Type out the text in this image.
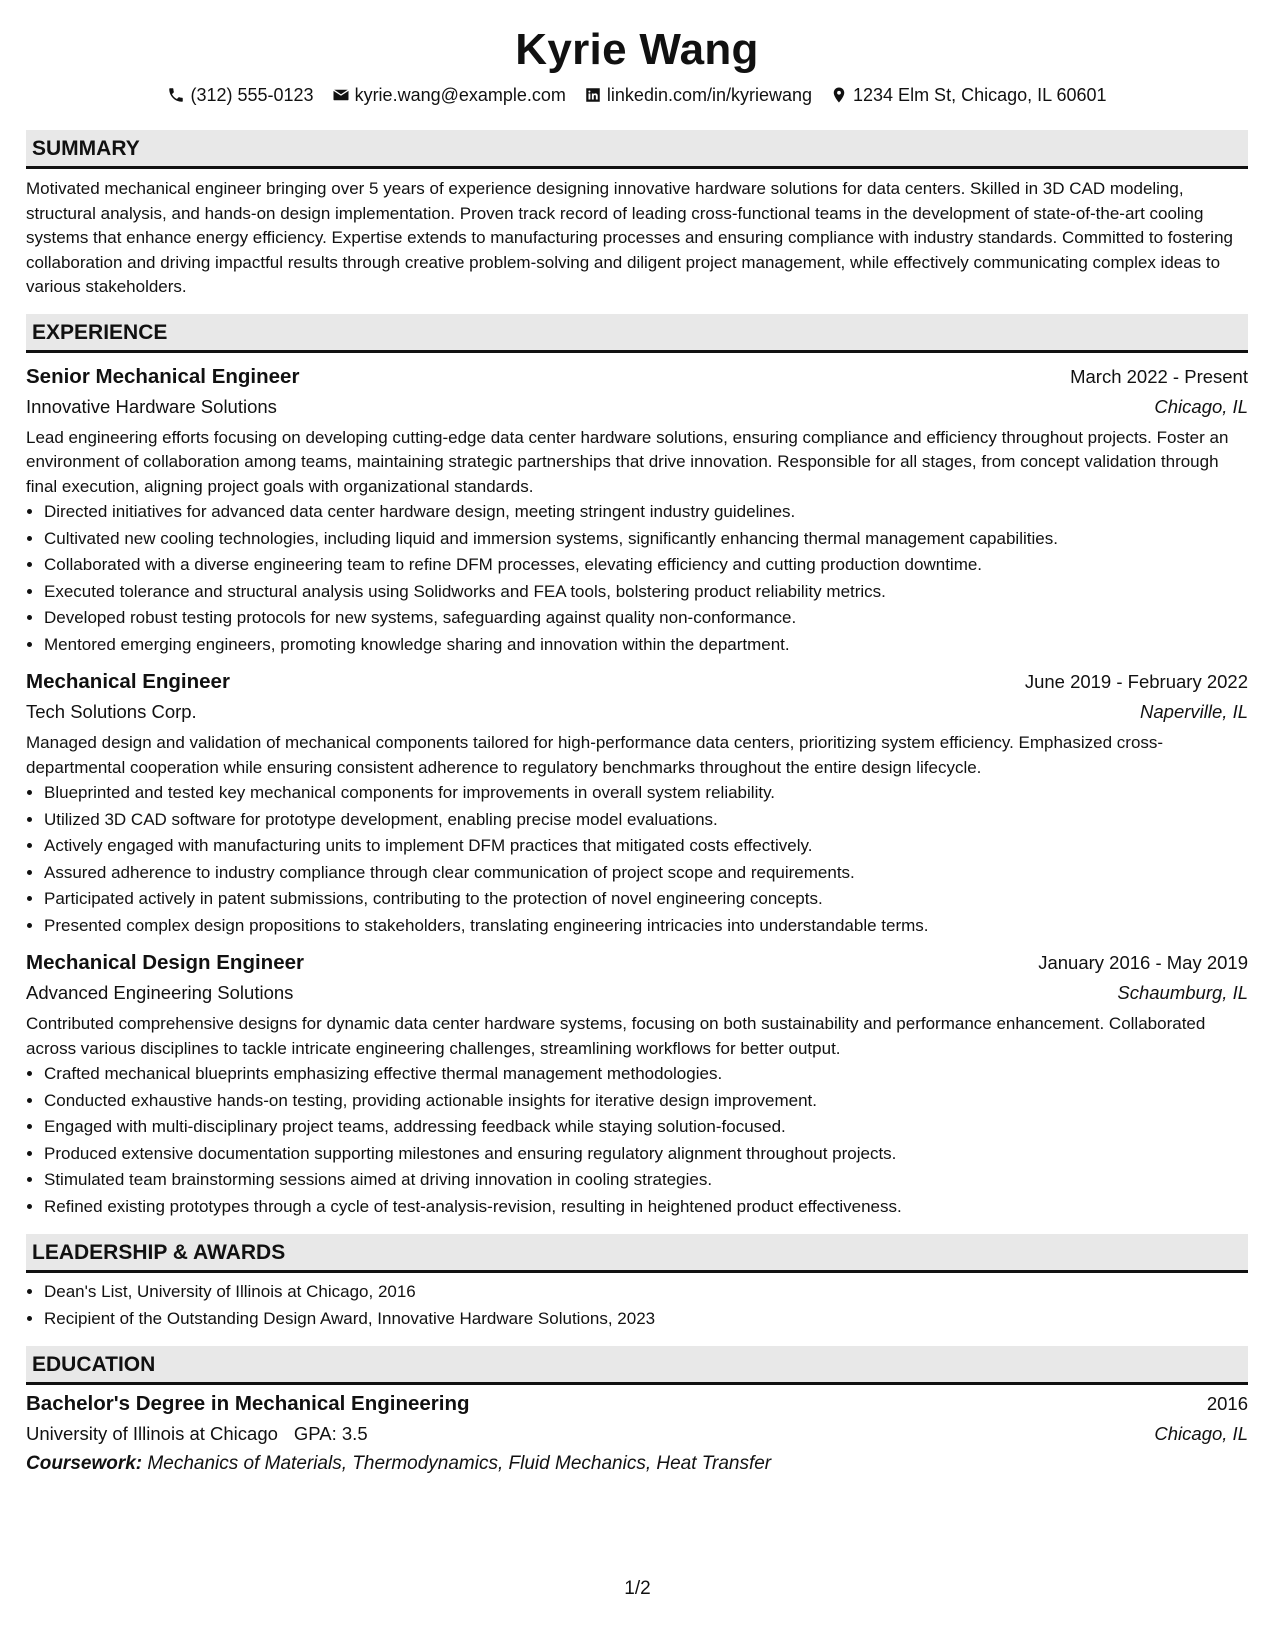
Kyrie Wang
(312) 555-0123 kyrie.wang@example.com linkedin.com/in/kyriewang 1234 Elm St, Chicago, IL 60601
SUMMARY

Motivated mechanical engineer bringing over 5 years of experience designing innovative hardware solutions for data centers. Skilled in 3D CAD modeling, structural analysis, and hands-on design implementation. Proven track record of leading cross-functional teams in the development of state-of-the-art cooling systems that enhance energy efficiency. Expertise extends to manufacturing processes and ensuring compliance with industry standards. Committed to fostering collaboration and driving impactful results through creative problem-solving and diligent project management, while effectively communicating complex ideas to various stakeholders.

EXPERIENCE
Senior Mechanical Engineer	March 2022 - Present
Innovative Hardware Solutions	Chicago, IL

Lead engineering efforts focusing on developing cutting-edge data center hardware solutions, ensuring compliance and efficiency throughout projects. Foster an environment of collaboration among teams, maintaining strategic partnerships that drive innovation. Responsible for all stages, from concept validation through final execution, aligning project goals with organizational standards.

• Directed initiatives for advanced data center hardware design, meeting stringent industry guidelines.
• Cultivated new cooling technologies, including liquid and immersion systems, significantly enhancing thermal management capabilities.
• Collaborated with a diverse engineering team to refine DFM processes, elevating efficiency and cutting production downtime.
• Executed tolerance and structural analysis using Solidworks and FEA tools, bolstering product reliability metrics.
• Developed robust testing protocols for new systems, safeguarding against quality non-conformance.
• Mentored emerging engineers, promoting knowledge sharing and innovation within the department.
Mechanical Engineer	June 2019 - February 2022
Tech Solutions Corp.	Naperville, IL

Managed design and validation of mechanical components tailored for high-performance data centers, prioritizing system efficiency. Emphasized cross-departmental cooperation while ensuring consistent adherence to regulatory benchmarks throughout the entire design lifecycle.

• Blueprinted and tested key mechanical components for improvements in overall system reliability.
• Utilized 3D CAD software for prototype development, enabling precise model evaluations.
• Actively engaged with manufacturing units to implement DFM practices that mitigated costs effectively.
• Assured adherence to industry compliance through clear communication of project scope and requirements.
• Participated actively in patent submissions, contributing to the protection of novel engineering concepts.
• Presented complex design propositions to stakeholders, translating engineering intricacies into understandable terms.
Mechanical Design Engineer	January 2016 - May 2019
Advanced Engineering Solutions	Schaumburg, IL

Contributed comprehensive designs for dynamic data center hardware systems, focusing on both sustainability and performance enhancement. Collaborated across various disciplines to tackle intricate engineering challenges, streamlining workflows for better output.

• Crafted mechanical blueprints emphasizing effective thermal management methodologies.
• Conducted exhaustive hands-on testing, providing actionable insights for iterative design improvement.
• Engaged with multi-disciplinary project teams, addressing feedback while staying solution-focused.
• Produced extensive documentation supporting milestones and ensuring regulatory alignment throughout projects.
• Stimulated team brainstorming sessions aimed at driving innovation in cooling strategies.
• Refined existing prototypes through a cycle of test-analysis-revision, resulting in heightened product effectiveness.
LEADERSHIP & AWARDS
• Dean's List, University of Illinois at Chicago, 2016
• Recipient of the Outstanding Design Award, Innovative Hardware Solutions, 2023
EDUCATION
Bachelor's Degree in Mechanical Engineering	2016
University of Illinois at Chicago GPA: 3.5	Chicago, IL
Coursework: Mechanics of Materials, Thermodynamics, Fluid Mechanics, Heat Transfer
1/2
